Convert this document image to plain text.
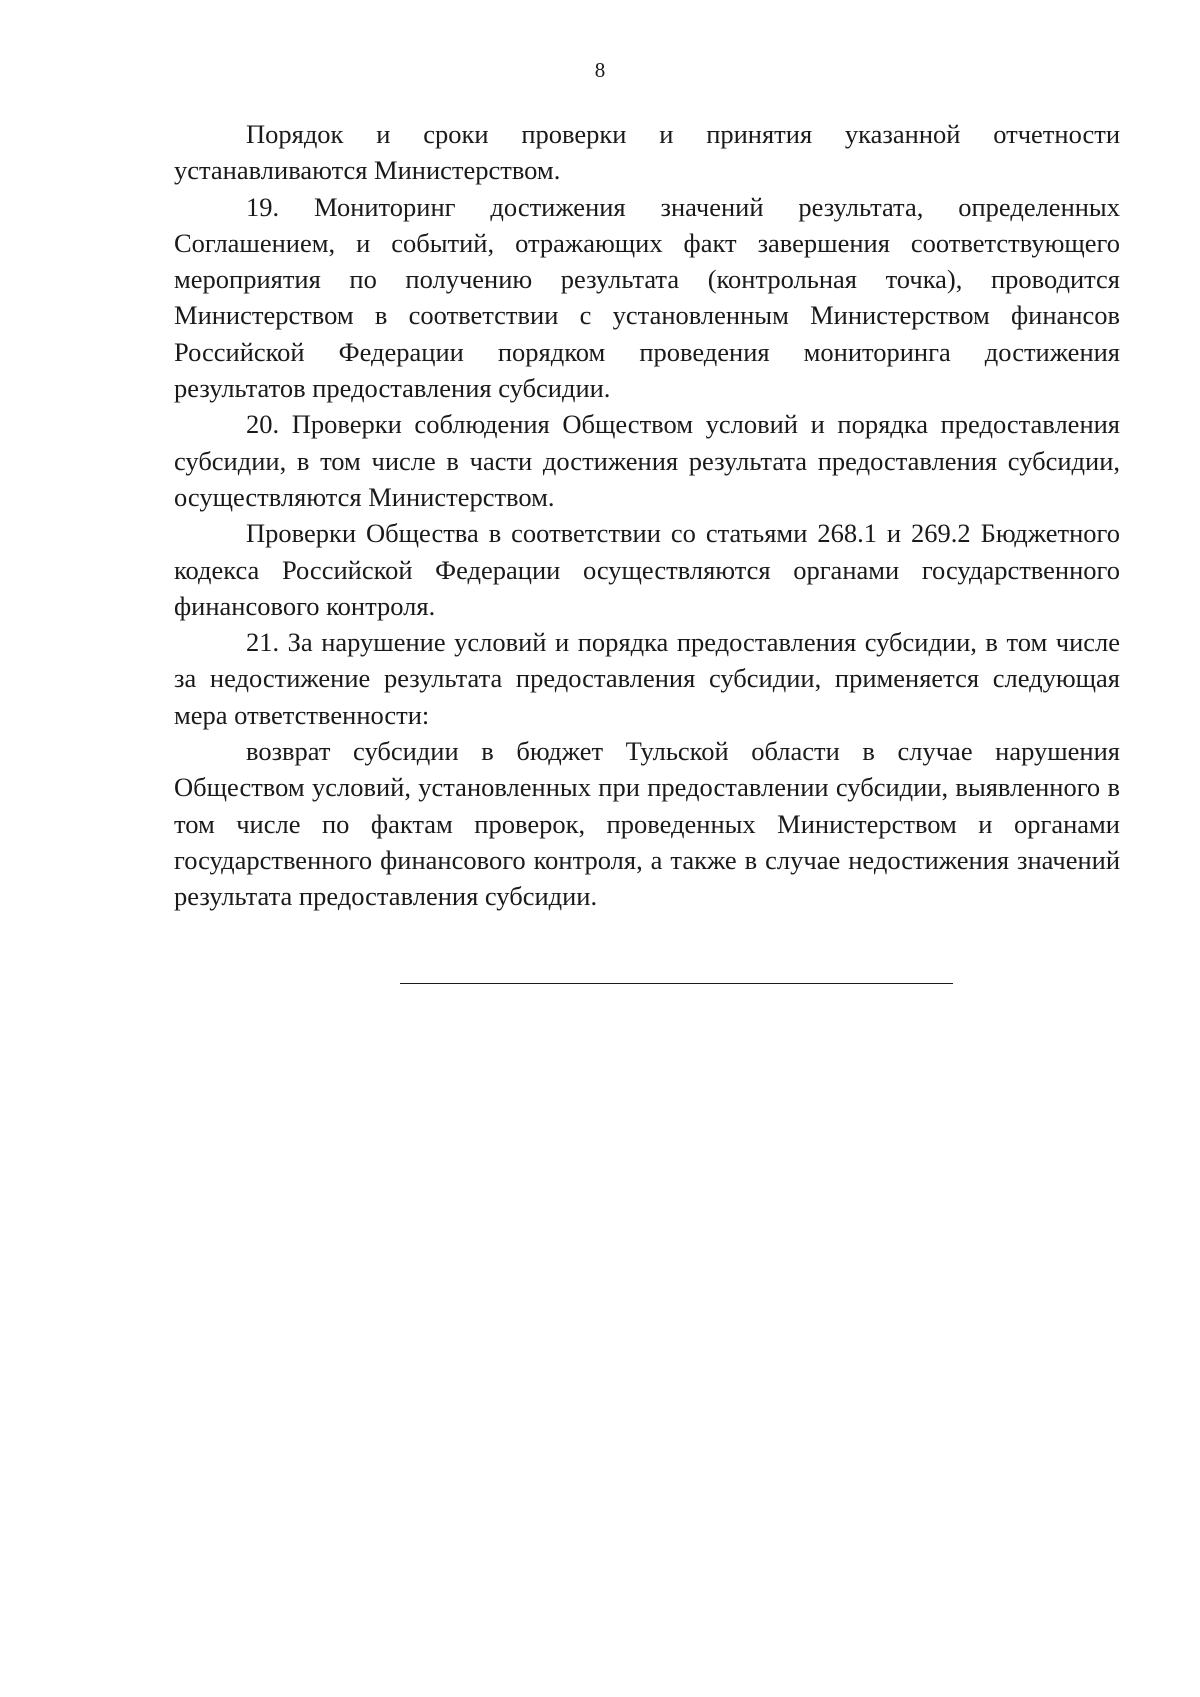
8

Порядок и сроки проверки и принятия указанной отчетности устанавливаются Министерством.

19. Мониторинг достижения значений результата, определенных Соглашением, и событий, отражающих факт завершения соответствующего мероприятия по получению результата (контрольная точка), проводится Министерством в соответствии с установленным Министерством финансов Российской Федерации порядком проведения мониторинга достижения результатов предоставления субсидии.

20. Проверки соблюдения Обществом условий и порядка предоставления субсидии, в том числе в части достижения результата предоставления субсидии, осуществляются Министерством.

Проверки Общества в соответствии со статьями 268.1 и 269.2 Бюджетного кодекса Российской Федерации осуществляются органами государственного финансового контроля.

21. За нарушение условий и порядка предоставления субсидии, в том числе за недостижение результата предоставления субсидии, применяется следующая мера ответственности:

возврат субсидии в бюджет Тульской области в случае нарушения Обществом условий, установленных при предоставлении субсидии, выявленного в том числе по фактам проверок, проведенных Министерством и органами государственного финансового контроля, а также в случае недостижения значений результата предоставления субсидии.
